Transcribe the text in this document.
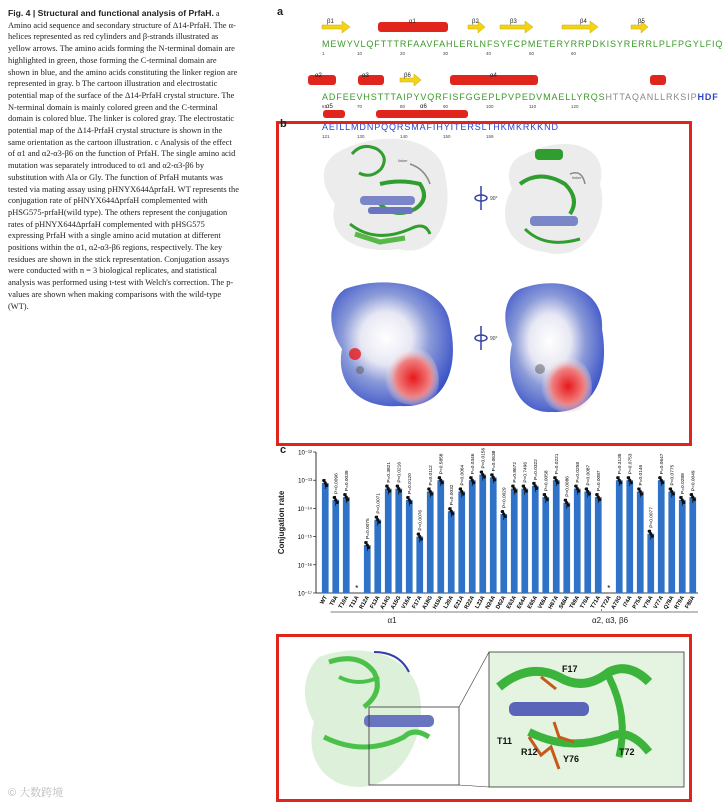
Fig. 4 | Structural and functional analysis of PrfaH. a Amino acid sequence and secondary structure of Δ14-PrfaH. The α-helices represented as red cylinders and β-strands illustrated as yellow arrows. The amino acids forming the N-terminal domain are highlighted in green, those forming the C-terminal domain are shown in blue, and the amino acids constituting the linker region are represented in gray. b The cartoon illustration and electrostatic potential map of the surface of the Δ14-PrfaH crystal structure. The N-terminal domain is mainly colored green and the C-terminal domain is colored blue. The linker is colored gray. The electrostatic potential map of the Δ14-PrfaH crystal structure is shown in the same orientation as the cartoon illustration. c Analysis of the effect of α1 and α2-α3-β6 on the function of PrfaH. The single amino acid mutation was separately introduced to α1 and α2-α3-β6 by substitution with Ala or Gly. The function of PrfaH mutants was tested via mating assay using pHNYX644ΔprfaH. WT represents the conjugation rate of pHNYX644ΔprfaH complemented with pHSG575-prfaH(wild type). The others represent the conjugation rates of pHNYX644ΔprfaH complemented with pHSG575 expressing PrfaH with a single amino acid mutation at different positions within the α1, α2-α3-β6 regions, respectively. The key residues are shown in the stick representation. Conjugation assays were conducted with n = 3 biological replicates, and statistical analysis was performed using t-test with Welch's correction. The p-values are shown when making comparisons with the wild-type (WT).

a
β1	α1	β2	β3	β4	β5
MEWYVLQFTTTRFAAVFAHLERLNFSYFCPMETERYRRPDKISYRERRLPLFPGYLFIQ
α2	α3	β6	α4
ADFEEVHSTTTAIPYVQRFISFGGEPLPVPEDVMAELLYRQSHTTAQANLLRKSIPHDF
α5	α6
AEILLMDNPQQRSMAFIHYITERSLTHKMKRKKND
1	10	20	30	40	50	60
61	70	80	90	100	110	120
121	130	140	150	159
b
linker
90°
linker
90°
c
Conjugation rate
10⁻¹²
10⁻¹³
10⁻¹⁴
10⁻¹⁵
10⁻¹⁶
10⁻¹⁷
*	*
WT T9A
T10A
T11A
R12A
F13A
A14G
A15G
V16A
F17A
A18G
H19A
L20A
E21A
R22A
L23A
N24A
D62A
E63A
E64A
E65A
V66A
H67A
S68A
T69A
T70A
T71A
T72A
A73G I74A
P75A
Y76A
V77A
Q78A
R79A
F80A
P=0.0096 P=0.0039
P=0.0075
P=0.0071
P=0.3821 P=0.0216
P=0.0120
P=0.0076
P=0.0112
P=0.5858
P=0.0032
P=0.0064
P=0.0346 P=0.0156 P=0.0638
P=0.0029
P=0.8672 P=0.7496 P=0.0322
P=0.0058
P=0.0221
P=0.0086
P=0.0258 P=0.0087 P=0.0087
P=0.3135 P=0.0753
P=0.0146
P=0.0077
P=0.0647
P=0.0775 P=0.0288 P=0.0049
α1	α2, α3, β6
F17
T11
R12
Y76
T72
© 大数跨境
